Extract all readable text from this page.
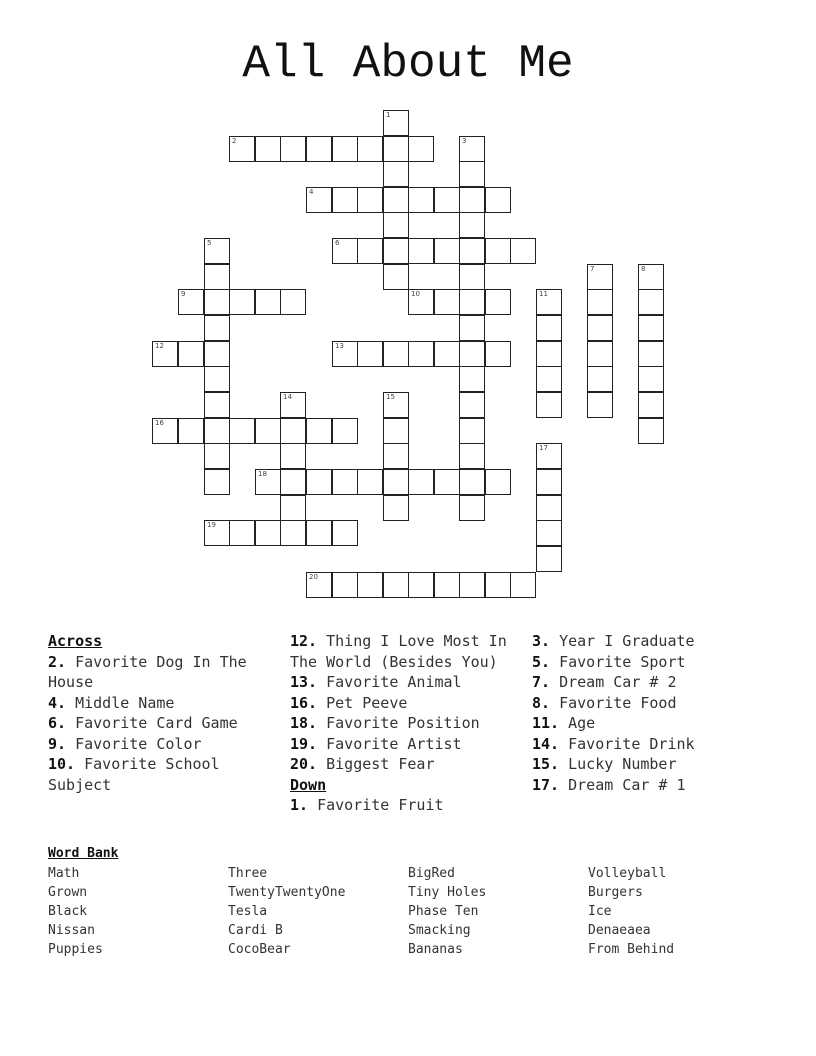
All About Me
1
2	3
4
5	6
7	8
9	10	11
12	13
14	15
16
17
18
19
20
Across
2. Favorite Dog In The House
4. Middle Name
6. Favorite Card Game
9. Favorite Color
10. Favorite School Subject
12. Thing I Love Most In The World (Besides You)
13. Favorite Animal
16. Pet Peeve
18. Favorite Position
19. Favorite Artist
20. Biggest Fear
Down
1. Favorite Fruit
3. Year I Graduate
5. Favorite Sport
7. Dream Car # 2
8. Favorite Food
11. Age
14. Favorite Drink
15. Lucky Number
17. Dream Car # 1
Word Bank
Math
Grown
Black
Nissan
Puppies
Three
TwentyTwentyOne
Tesla
Cardi B
CocoBear
BigRed
Tiny Holes
Phase Ten
Smacking
Bananas
Volleyball
Burgers
Ice
Denaeaea
From Behind
